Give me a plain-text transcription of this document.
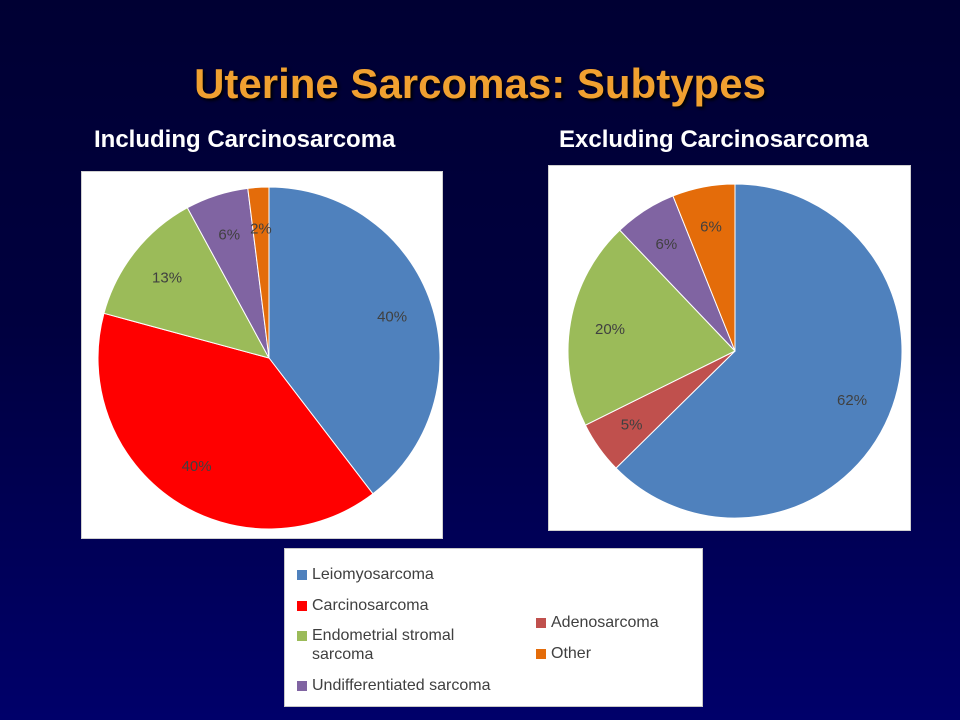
Uterine Sarcomas: Subtypes
Including Carcinosarcoma	Excluding Carcinosarcoma
40%
40%
13%
6% 2%
62%
5%
20%
6%
6%
Leiomyosarcoma
Carcinosarcoma
Endometrial stromal
sarcoma
Undifferentiated sarcoma
Adenosarcoma
Other
